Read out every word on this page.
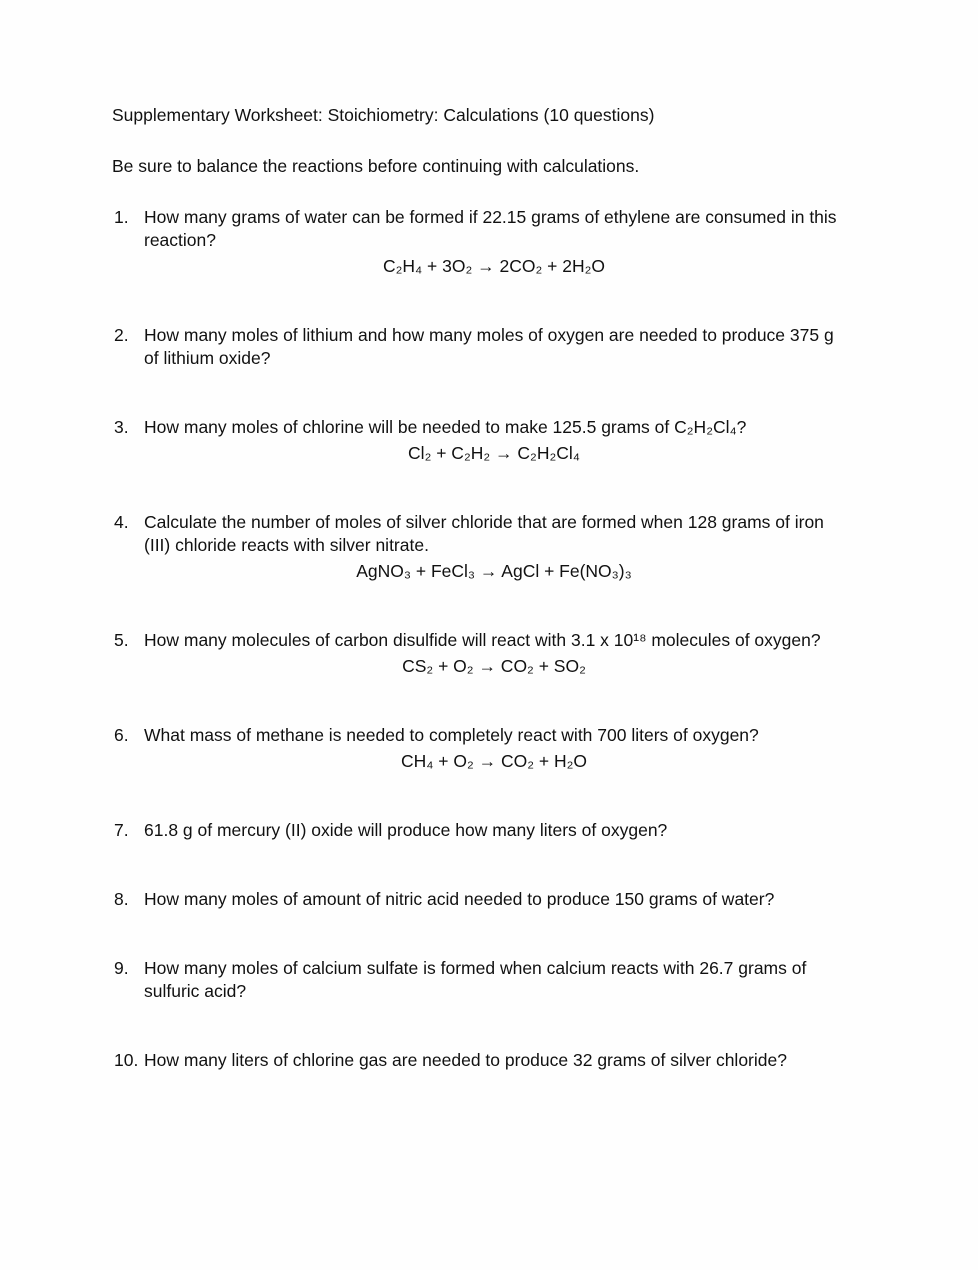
Supplementary Worksheet: Stoichiometry: Calculations (10 questions)
Be sure to balance the reactions before continuing with calculations.
1. How many grams of water can be formed if 22.15 grams of ethylene are consumed in this reaction?
C₂H₄ + 3O₂ → 2CO₂ + 2H₂O
2. How many moles of lithium and how many moles of oxygen are needed to produce 375 g of lithium oxide?
3. How many moles of chlorine will be needed to make 125.5 grams of C₂H₂Cl₄?
Cl₂ + C₂H₂ → C₂H₂Cl₄
4. Calculate the number of moles of silver chloride that are formed when 128 grams of iron (III) chloride reacts with silver nitrate.
AgNO₃ + FeCl₃ → AgCl + Fe(NO₃)₃
5. How many molecules of carbon disulfide will react with 3.1 x 10¹⁸ molecules of oxygen?
CS₂ + O₂ → CO₂ + SO₂
6. What mass of methane is needed to completely react with 700 liters of oxygen?
CH₄ + O₂ → CO₂ + H₂O
7. 61.8 g of mercury (II) oxide will produce how many liters of oxygen?
8. How many moles of amount of nitric acid needed to produce 150 grams of water?
9. How many moles of calcium sulfate is formed when calcium reacts with 26.7 grams of sulfuric acid?
10. How many liters of chlorine gas are needed to produce 32 grams of silver chloride?
